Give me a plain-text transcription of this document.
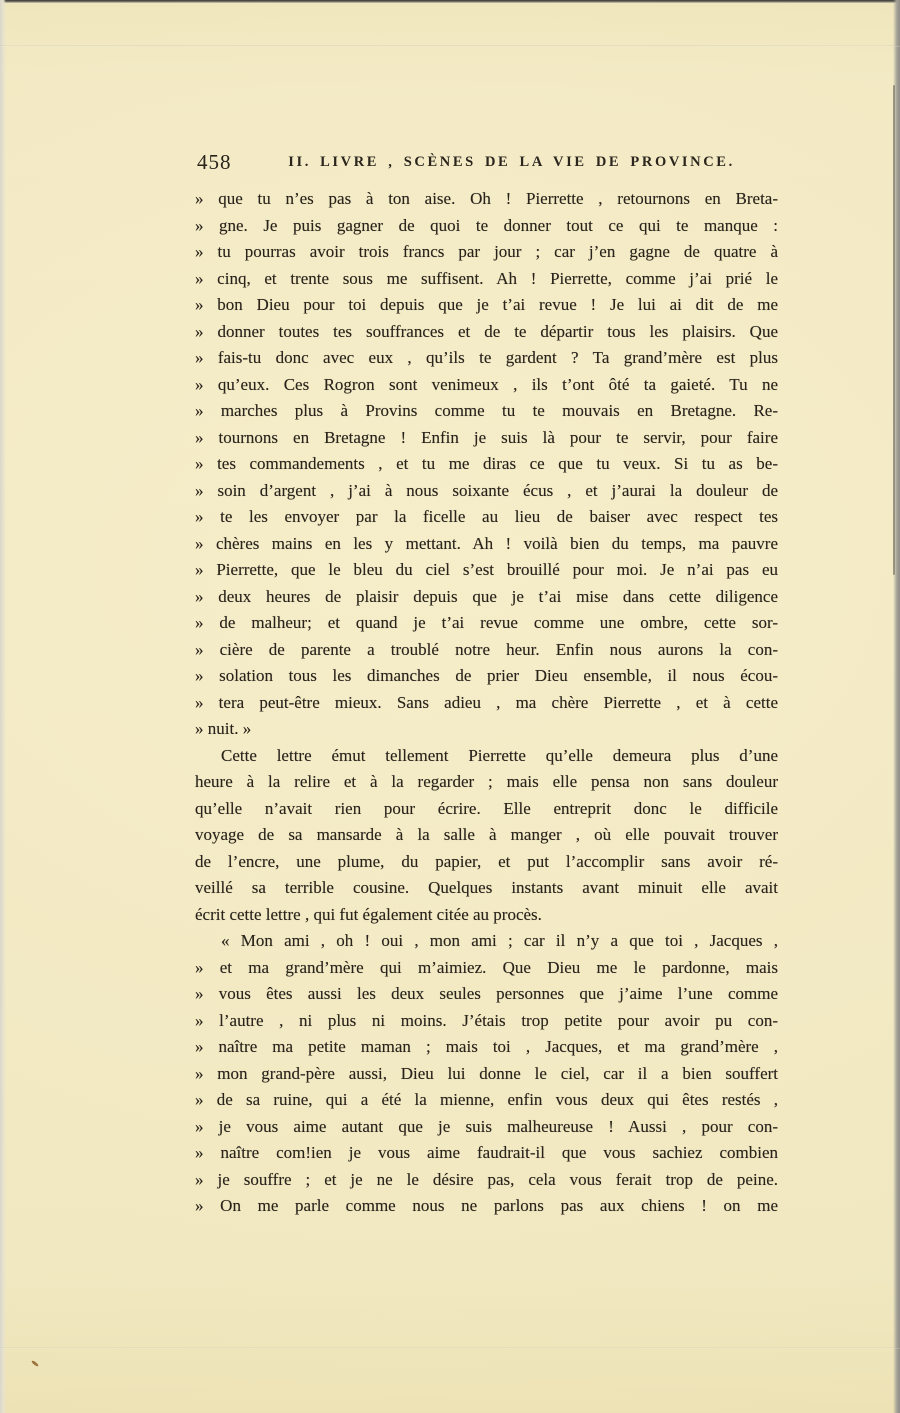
458	II. LIVRE , SCÈNES DE LA VIE DE PROVINCE.
» que tu n’es pas à ton aise. Oh ! Pierrette , retournons en Breta-
» gne. Je puis gagner de quoi te donner tout ce qui te manque :
» tu pourras avoir trois francs par jour ; car j’en gagne de quatre à
» cinq, et trente sous me suffisent. Ah ! Pierrette, comme j’ai prié le
» bon Dieu pour toi depuis que je t’ai revue ! Je lui ai dit de me
» donner toutes tes souffrances et de te départir tous les plaisirs. Que
» fais-tu donc avec eux , qu’ils te gardent ? Ta grand’mère est plus
» qu’eux. Ces Rogron sont venimeux , ils t’ont ôté ta gaieté. Tu ne
» marches plus à Provins comme tu te mouvais en Bretagne. Re-
» tournons en Bretagne ! Enfin je suis là pour te servir, pour faire
» tes commandements , et tu me diras ce que tu veux. Si tu as be-
» soin d’argent , j’ai à nous soixante écus , et j’aurai la douleur de
» te les envoyer par la ficelle au lieu de baiser avec respect tes
» chères mains en les y mettant. Ah ! voilà bien du temps, ma pauvre
» Pierrette, que le bleu du ciel s’est brouillé pour moi. Je n’ai pas eu
» deux heures de plaisir depuis que je t’ai mise dans cette diligence
» de malheur; et quand je t’ai revue comme une ombre, cette sor-
» cière de parente a troublé notre heur. Enfin nous aurons la con-
» solation tous les dimanches de prier Dieu ensemble, il nous écou-
» tera peut-être mieux. Sans adieu , ma chère Pierrette , et à cette
» nuit. »
Cette lettre émut tellement Pierrette qu’elle demeura plus d’une
heure à la relire et à la regarder ; mais elle pensa non sans douleur
qu’elle n’avait rien pour écrire. Elle entreprit donc le difficile
voyage de sa mansarde à la salle à manger , où elle pouvait trouver
de l’encre, une plume, du papier, et put l’accomplir sans avoir ré-
veillé sa terrible cousine. Quelques instants avant minuit elle avait
écrit cette lettre , qui fut également citée au procès.
« Mon ami , oh ! oui , mon ami ; car il n’y a que toi , Jacques ,
» et ma grand’mère qui m’aimiez. Que Dieu me le pardonne, mais
» vous êtes aussi les deux seules personnes que j’aime l’une comme
» l’autre , ni plus ni moins. J’étais trop petite pour avoir pu con-
» naître ma petite maman ; mais toi , Jacques, et ma grand’mère ,
» mon grand-père aussi, Dieu lui donne le ciel, car il a bien souffert
» de sa ruine, qui a été la mienne, enfin vous deux qui êtes restés ,
» je vous aime autant que je suis malheureuse ! Aussi , pour con-
» naître com!ien je vous aime faudrait-il que vous sachiez combien
» je souffre ; et je ne le désire pas, cela vous ferait trop de peine.
» On me parle comme nous ne parlons pas aux chiens ! on me
